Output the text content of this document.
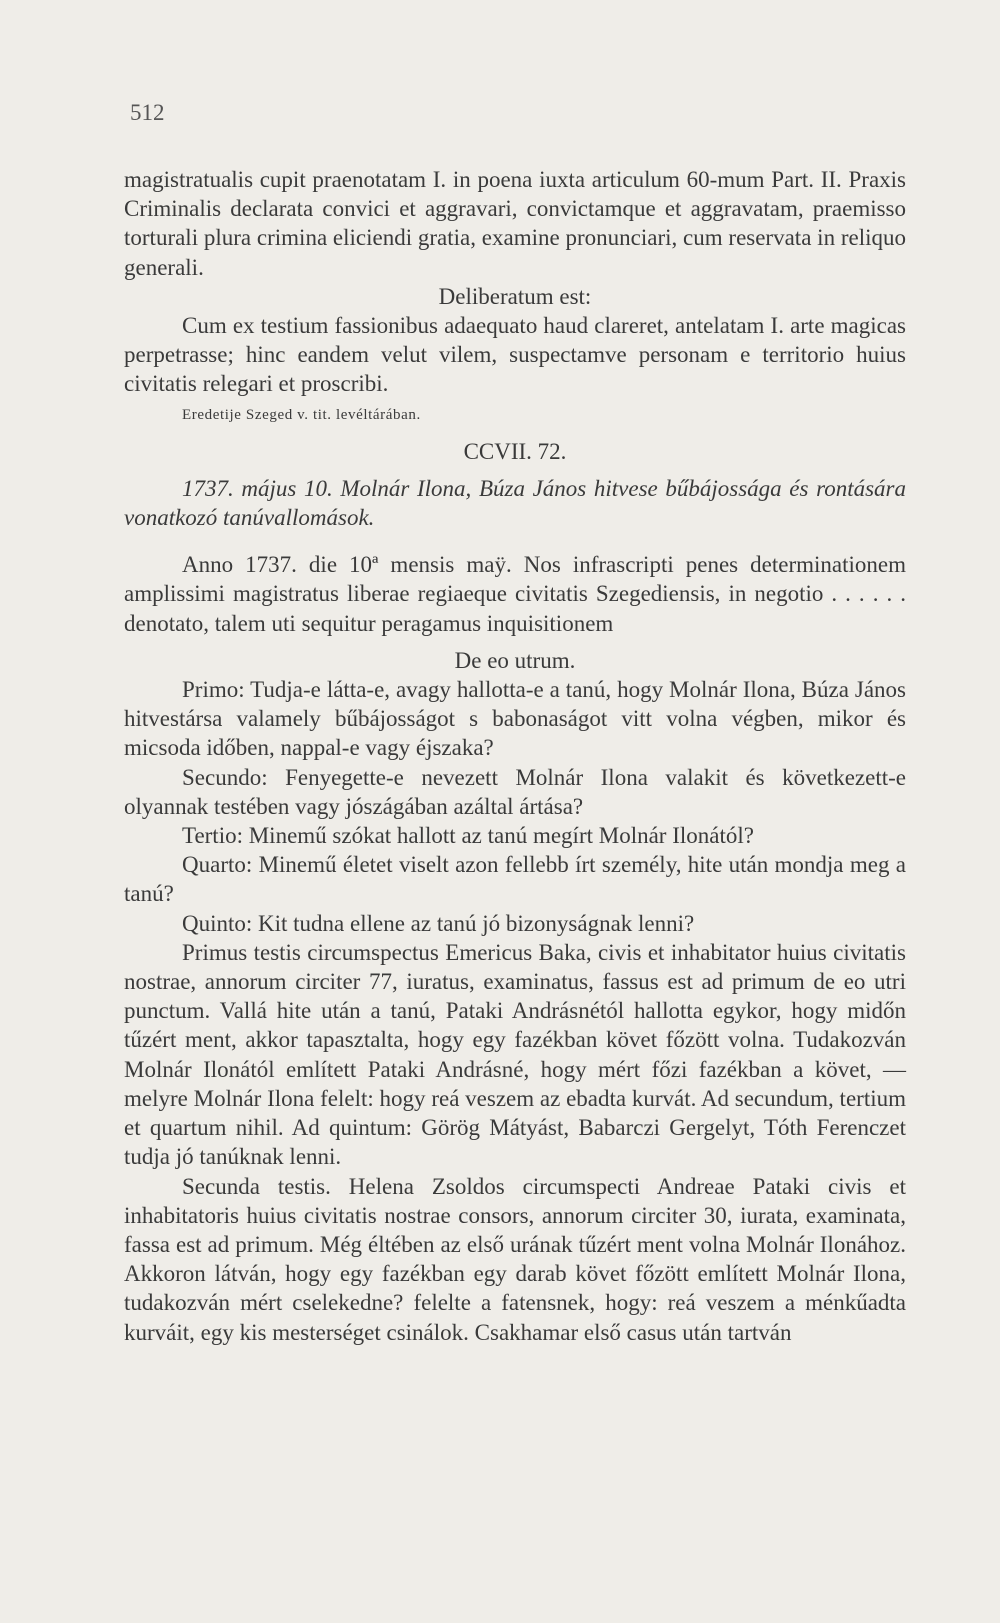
512

magistratualis cupit praenotatam I. in poena iuxta articulum 60-mum Part. II. Praxis Criminalis declarata convici et aggravari, convictamque et aggravatam, praemisso torturali plura crimina eliciendi gratia, examine pronunciari, cum reservata in reliquo generali.

Deliberatum est:

Cum ex testium fassionibus adaequato haud clareret, antelatam I. arte magicas perpetrasse; hinc eandem velut vilem, suspectamve personam e territorio huius civitatis relegari et proscribi.

Eredetije Szeged v. tit. levéltárában.

CCVII. 72.

1737. május 10. Molnár Ilona, Búza János hitvese bűbájossága és rontására vonatkozó tanúvallomások.

Anno 1737. die 10ª mensis maÿ. Nos infrascripti penes determinationem amplissimi magistratus liberae regiaeque civitatis Szegediensis, in negotio . . . . . . denotato, talem uti sequitur peragamus inquisitionem

De eo utrum.

Primo: Tudja-e látta-e, avagy hallotta-e a tanú, hogy Molnár Ilona, Búza János hitvestársa valamely bűbájosságot s babonaságot vitt volna végben, mikor és micsoda időben, nappal-e vagy éjszaka?

Secundo: Fenyegette-e nevezett Molnár Ilona valakit és következett-e olyannak testében vagy jószágában azáltal ártása?

Tertio: Minemű szókat hallott az tanú megírt Molnár Ilonától?

Quarto: Minemű életet viselt azon fellebb írt személy, hite után mondja meg a tanú?

Quinto: Kit tudna ellene az tanú jó bizonyságnak lenni?

Primus testis circumspectus Emericus Baka, civis et inhabitator huius civitatis nostrae, annorum circiter 77, iuratus, examinatus, fassus est ad primum de eo utri punctum. Vallá hite után a tanú, Pataki Andrásnétól hallotta egykor, hogy midőn tűzért ment, akkor tapasztalta, hogy egy fazékban követ főzött volna. Tudakozván Molnár Ilonától említett Pataki Andrásné, hogy mért főzi fazékban a követ, — melyre Molnár Ilona felelt: hogy reá veszem az ebadta kurvát. Ad secundum, tertium et quartum nihil. Ad quintum: Görög Mátyást, Babarczi Gergelyt, Tóth Ferenczet tudja jó tanúknak lenni.

Secunda testis. Helena Zsoldos circumspecti Andreae Pataki civis et inhabitatoris huius civitatis nostrae consors, annorum circiter 30, iurata, examinata, fassa est ad primum. Még éltében az első urának tűzért ment volna Molnár Ilonához. Akkoron látván, hogy egy fazékban egy darab követ főzött említett Molnár Ilona, tudakozván mért cselekedne? felelte a fatensnek, hogy: reá veszem a ménkűadta kurváit, egy kis mesterséget csinálok. Csakhamar első casus után tartván
